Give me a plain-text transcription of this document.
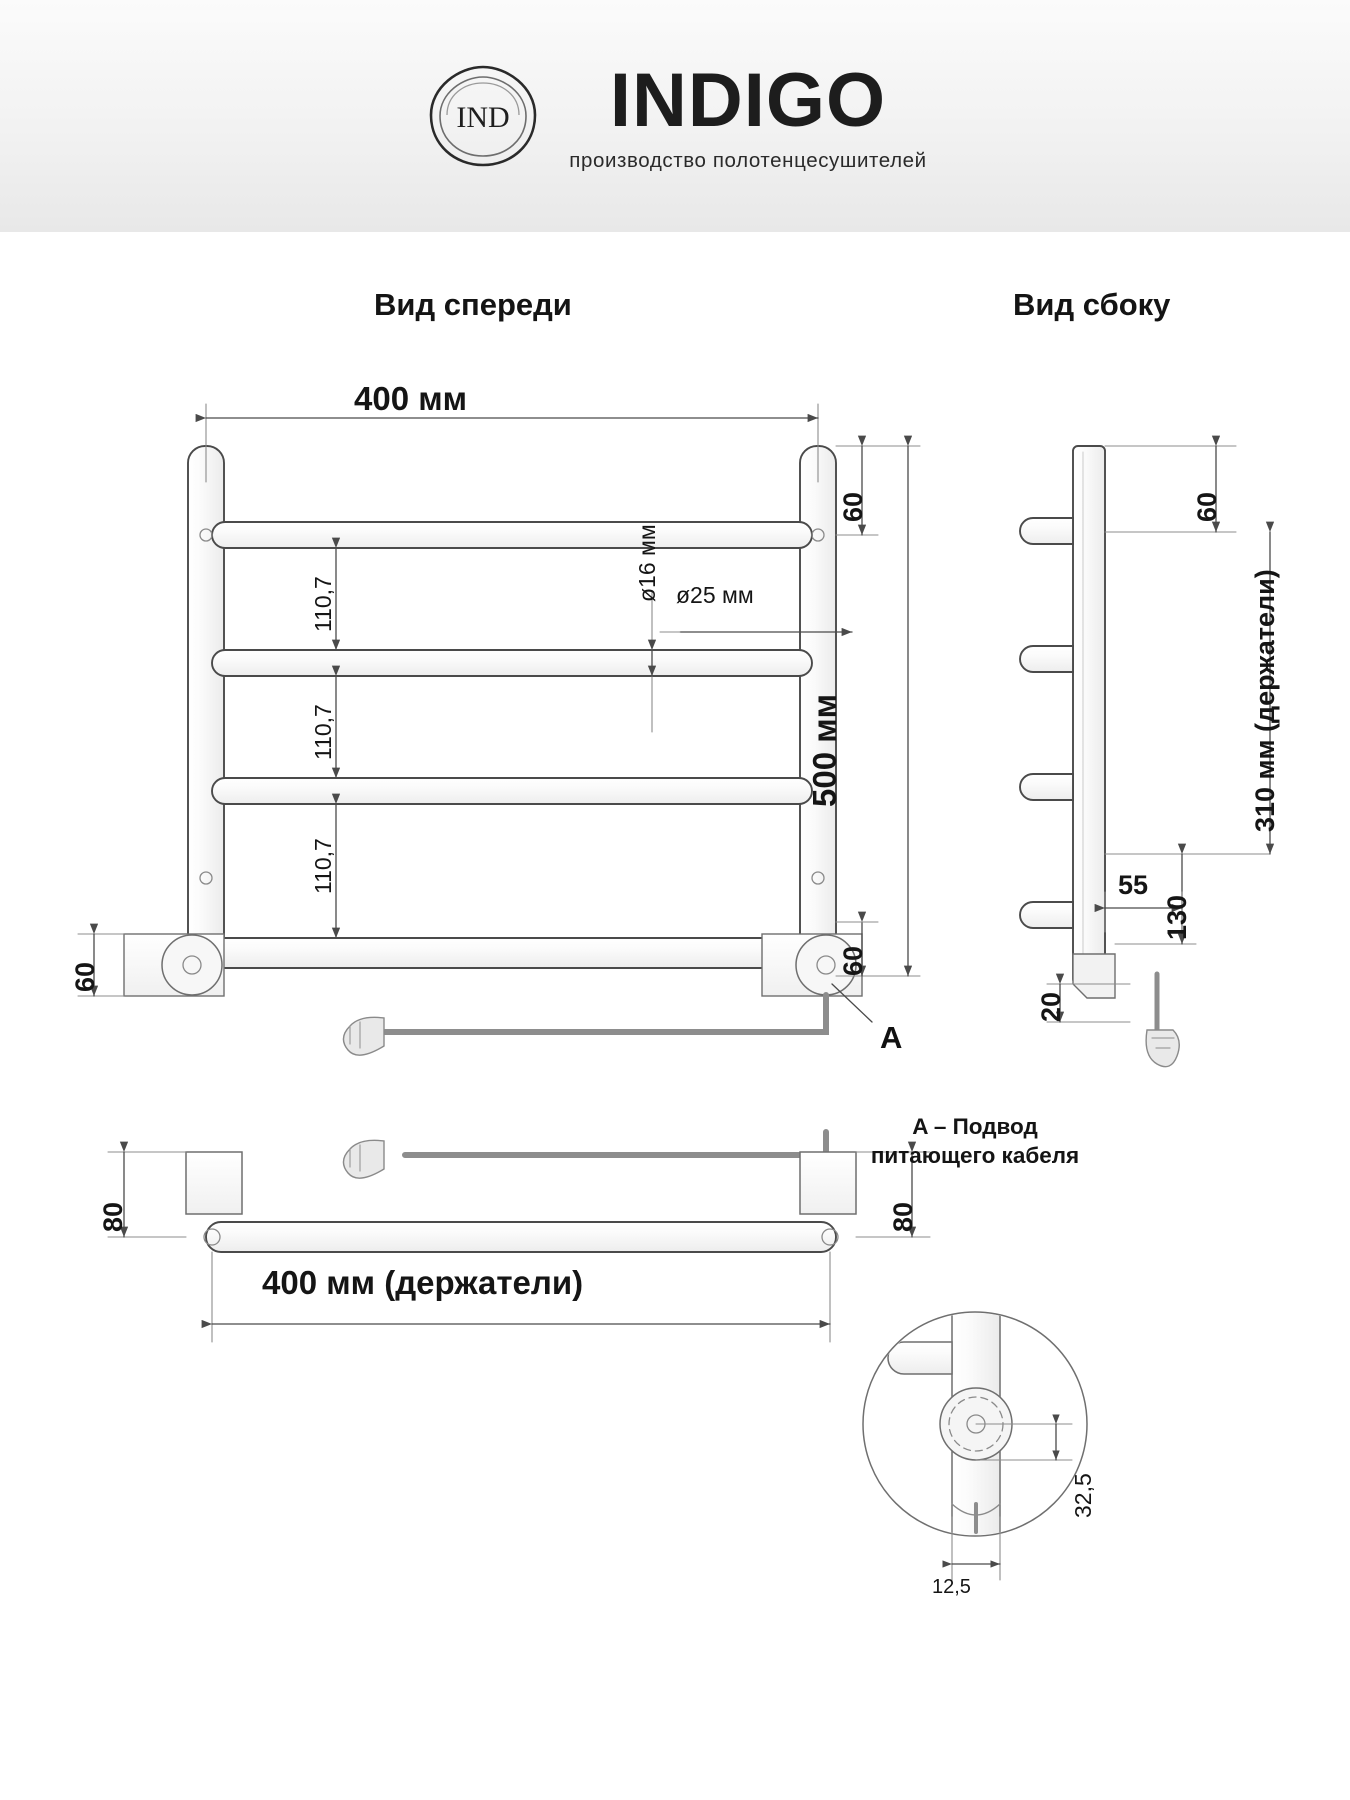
IND INDIGO
производство полотенцесушителей
Вид спереди	Вид сбоку
400 мм
500 мм
60
60
60
110,7
110,7
110,7
ø16 мм ø25 мм
A
60
310 мм (держатели)
55
130
20
80	80
400 мм (держатели)
A – Подвод
питающего кабеля
32,5
12,5
